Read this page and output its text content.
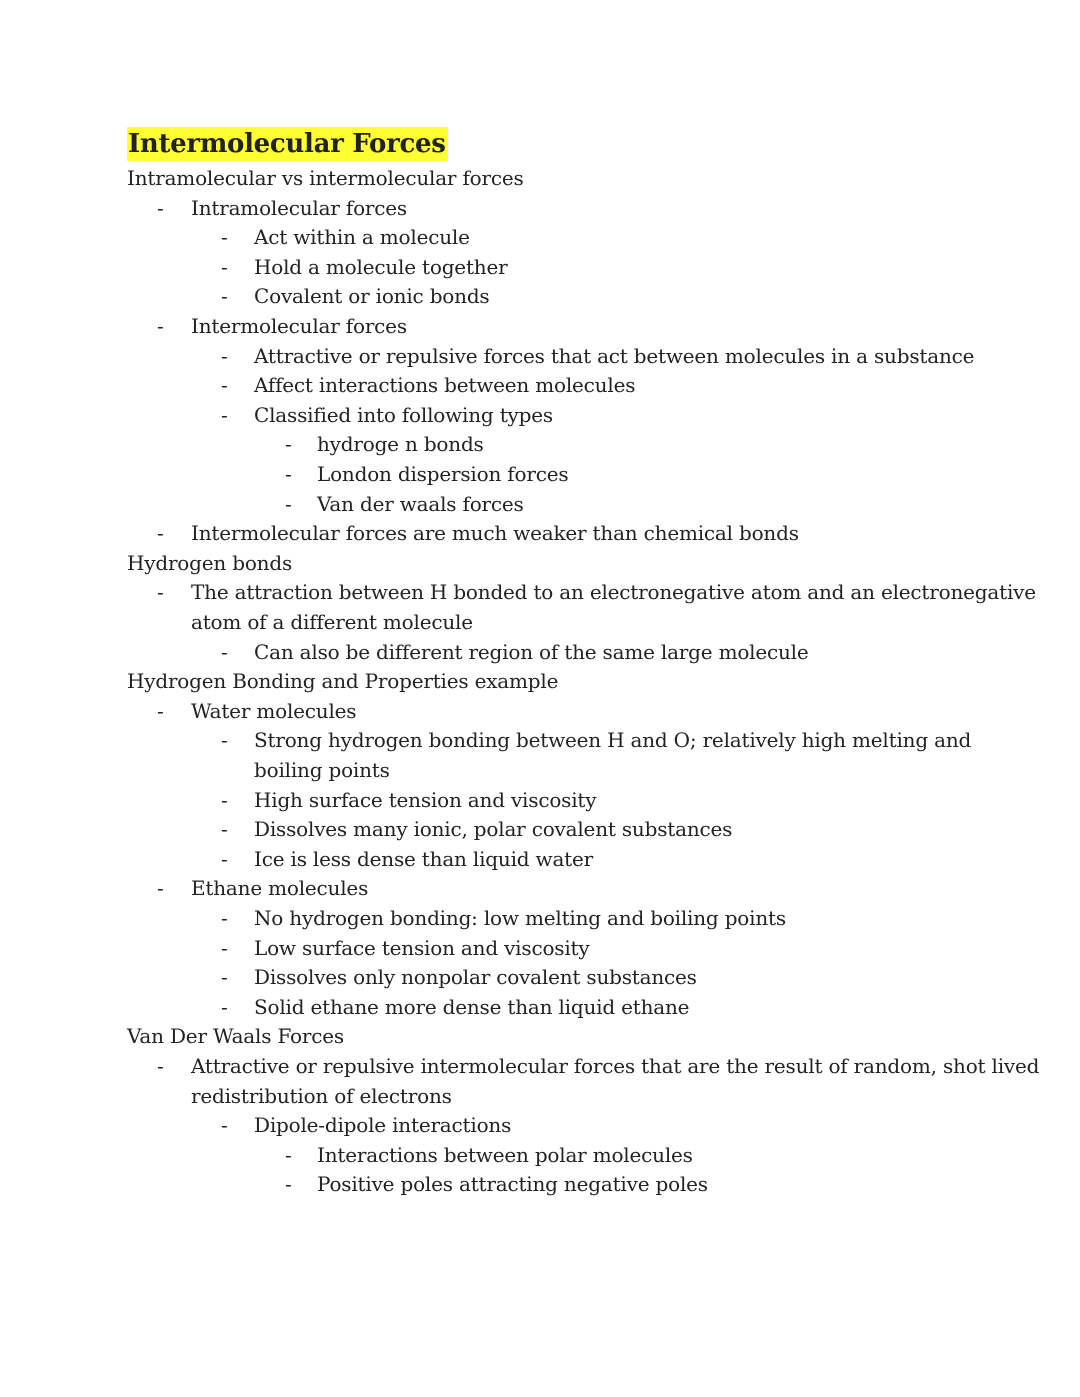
Intermolecular Forces
Intramolecular vs intermolecular forces
Intramolecular forces
-
Act within a molecule
-
Hold a molecule together
-
Covalent or ionic bonds
-
Intermolecular forces
-
Attractive or repulsive forces that act between molecules in a substance
-
Affect interactions between molecules
-
Classified into following types
-
hydroge n bonds
-
London dispersion forces
-
Van der waals forces
-
Intermolecular forces are much weaker than chemical bonds
-
Hydrogen bonds
The attraction between H bonded to an electronegative atom and an electronegative
-
atom of a different molecule
Can also be different region of the same large molecule
-
Hydrogen Bonding and Properties example
Water molecules
-
Strong hydrogen bonding between H and O; relatively high melting and
-
boiling points
High surface tension and viscosity
-
Dissolves many ionic, polar covalent substances
-
Ice is less dense than liquid water
-
Ethane molecules
-
No hydrogen bonding: low melting and boiling points
-
Low surface tension and viscosity
-
Dissolves only nonpolar covalent substances
-
Solid ethane more dense than liquid ethane
-
Van Der Waals Forces
Attractive or repulsive intermolecular forces that are the result of random, shot lived
-
redistribution of electrons
Dipole-dipole interactions
-
Interactions between polar molecules
-
Positive poles attracting negative poles
-
